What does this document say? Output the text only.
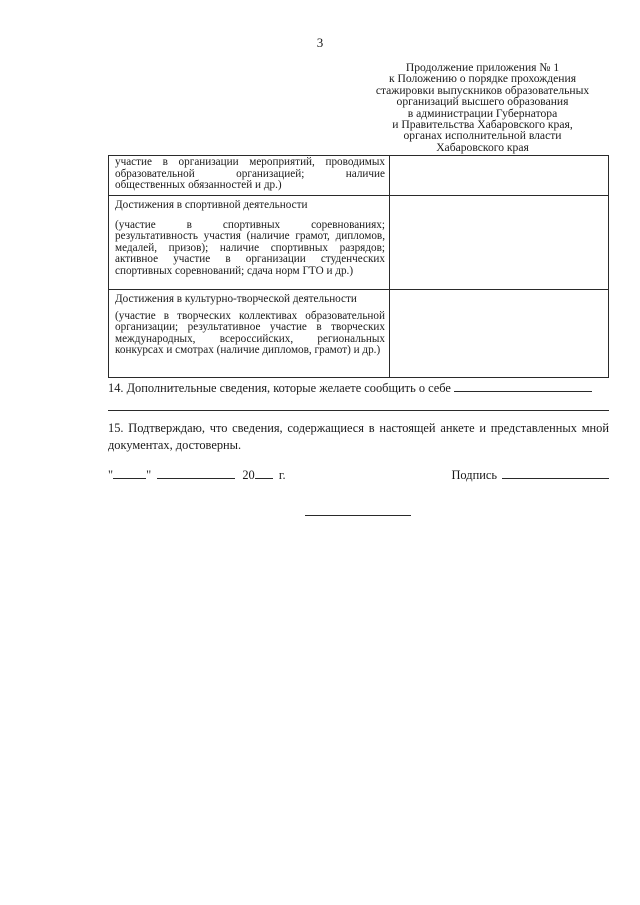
3
Продолжение приложения № 1
к Положению о порядке прохождения
стажировки выпускников образовательных
организаций высшего образования
в администрации Губернатора
и Правительства Хабаровского края,
органах исполнительной власти
Хабаровского края
участие в организации мероприятий, проводимых
образовательной организацией; наличие
общественных обязанностей и др.)	

Достижения в спортивной деятельности
(участие в спортивных соревнованиях; результативность участия (наличие грамот, дипломов, медалей, призов); наличие спортивных разрядов; активное участие в организации студенческих спортивных соревнований; сдача норм ГТО и др.)	

Достижения в культурно-творческой деятельности
(участие в творческих коллективах образовательной организации; результативное участие в творческих международных, всероссийских, региональных конкурсах и смотрах (наличие дипломов, грамот) и др.)	

14. Дополнительные сведения, которые желаете сообщить о себе
15. Подтверждаю, что сведения, содержащиеся в настоящей анкете и представленных мной документах, достоверны.
"	"	20 г.	Подпись
